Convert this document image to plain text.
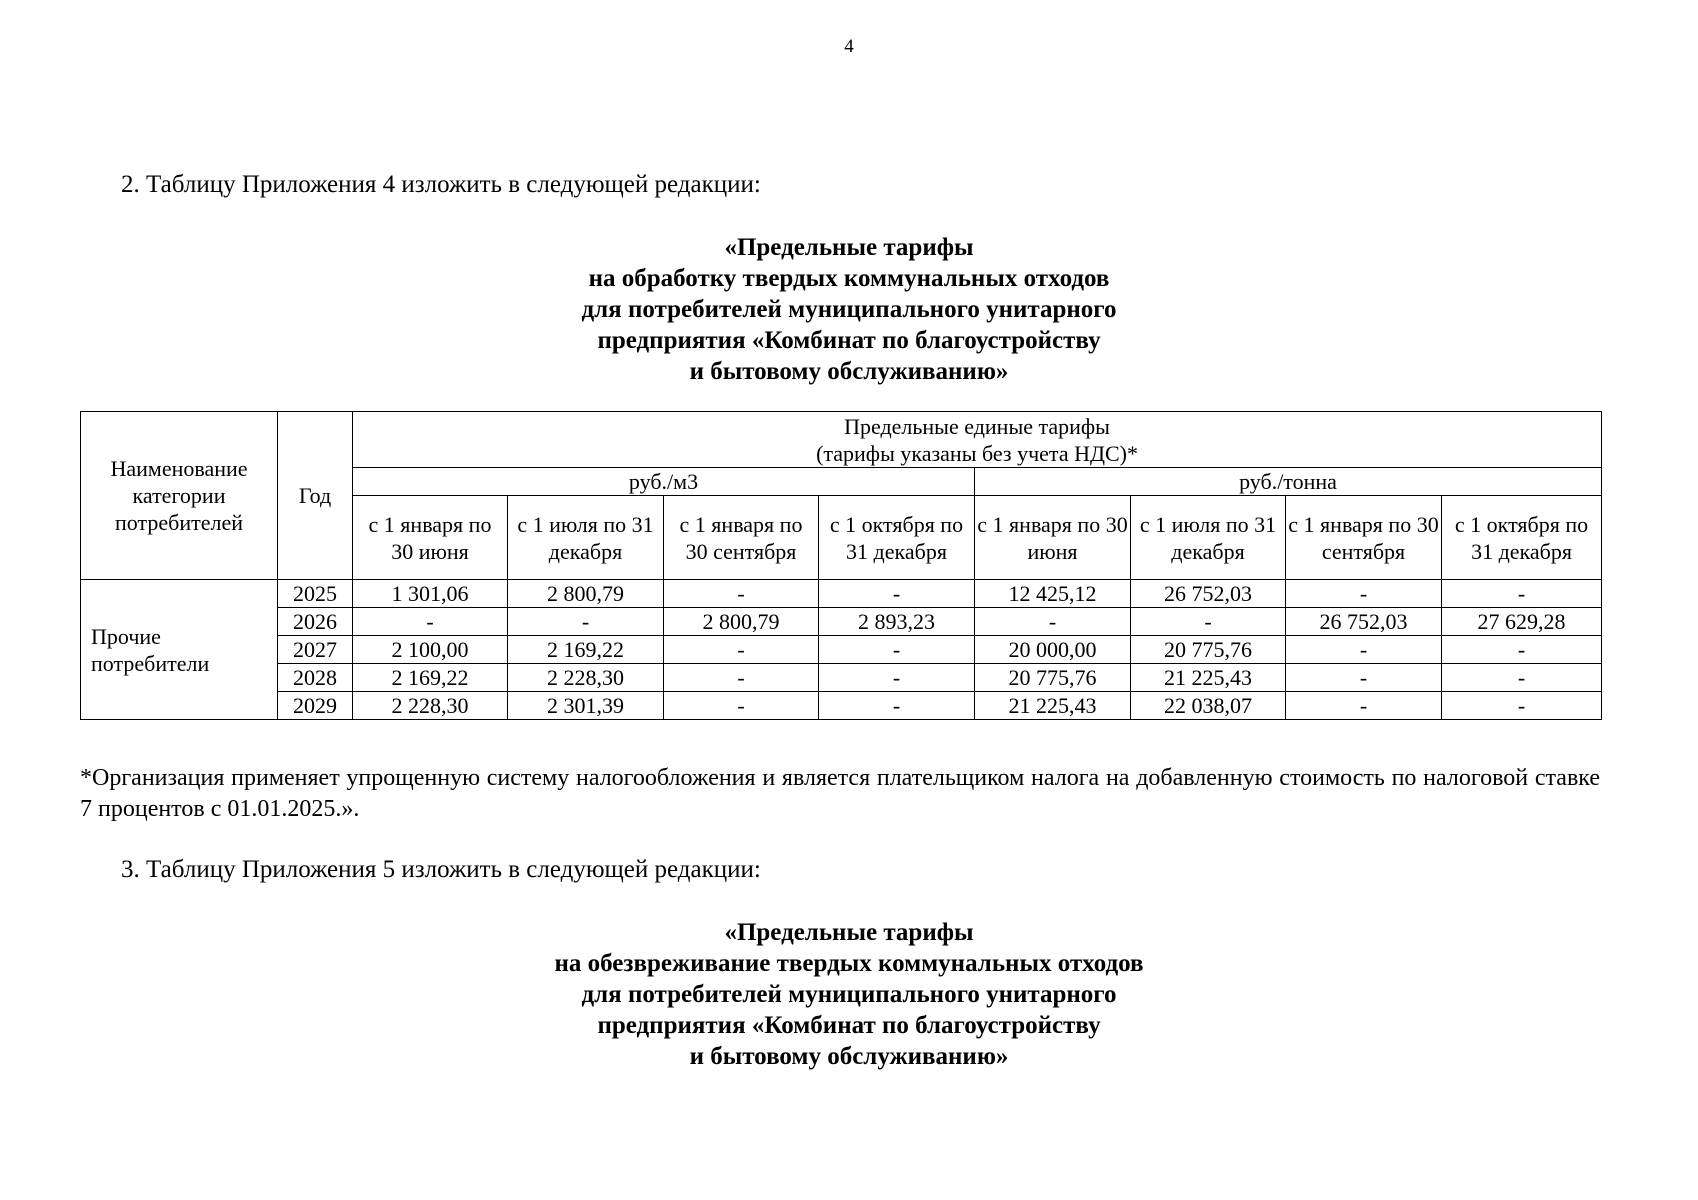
4
2. Таблицу Приложения 4 изложить в следующей редакции:
«Предельные тарифы
на обработку твердых коммунальных отходов
для потребителей муниципального унитарного
предприятия «Комбинат по благоустройству
и бытовому обслуживанию»
Наименование категории потребителей	Год	Предельные единые тарифы
(тарифы указаны без учета НДС)*							

		руб./м3				руб./тонна			
		с 1 января по 30 июня	с 1 июля по 31 декабря	с 1 января по 30 сентября	с 1 октября по 31 декабря	с 1 января по 30 июня	с 1 июля по 31 декабря	с 1 января по 30 сентября	с 1 октября по 31 декабря
Прочие потребители	2025	1 301,06	2 800,79	-	-	12 425,12	26 752,03	-	-
	2026	-	-	2 800,79	2 893,23	-	-	26 752,03	27 629,28
	2027	2 100,00	2 169,22	-	-	20 000,00	20 775,76	-	-
	2028	2 169,22	2 228,30	-	-	20 775,76	21 225,43	-	-
	2029	2 228,30	2 301,39	-	-	21 225,43	22 038,07	-	-
*Организация применяет упрощенную систему налогообложения и является плательщиком налога на добавленную стоимость по налоговой ставке 7 процентов с 01.01.2025.».
3. Таблицу Приложения 5 изложить в следующей редакции:
«Предельные тарифы
на обезвреживание твердых коммунальных отходов
для потребителей муниципального унитарного
предприятия «Комбинат по благоустройству
и бытовому обслуживанию»
